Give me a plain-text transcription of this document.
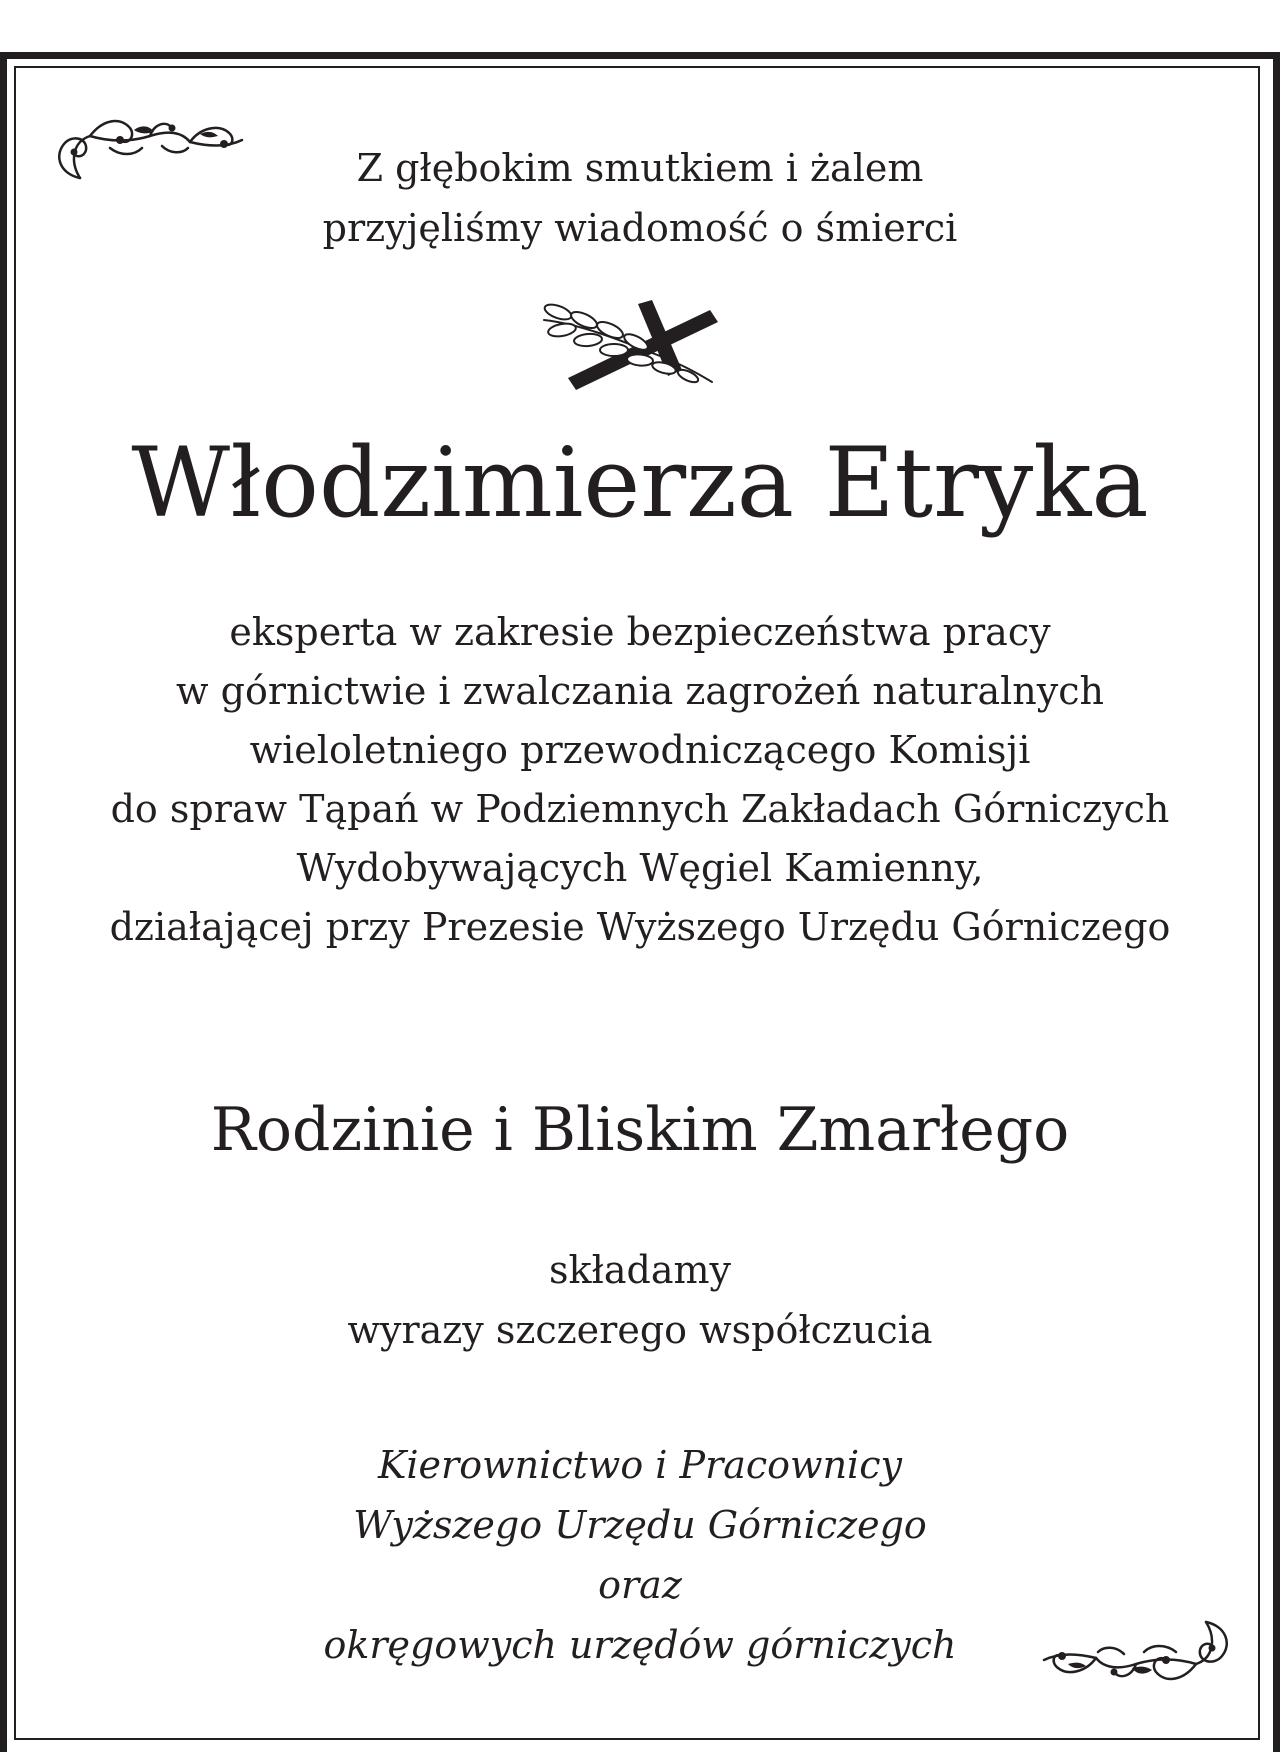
Z głębokim smutkiem i żalem

przyjęliśmy wiadomość o śmierci

Włodzimierza Etryka

eksperta w zakresie bezpieczeństwa pracy

w górnictwie i zwalczania zagrożeń naturalnych

wieloletniego przewodniczącego Komisji

do spraw Tąpań w Podziemnych Zakładach Górniczych

Wydobywających Węgiel Kamienny,

działającej przy Prezesie Wyższego Urzędu Górniczego

Rodzinie i Bliskim Zmarłego

składamy

wyrazy szczerego współczucia

Kierownictwo i Pracownicy

Wyższego Urzędu Górniczego

oraz

okręgowych urzędów górniczych
